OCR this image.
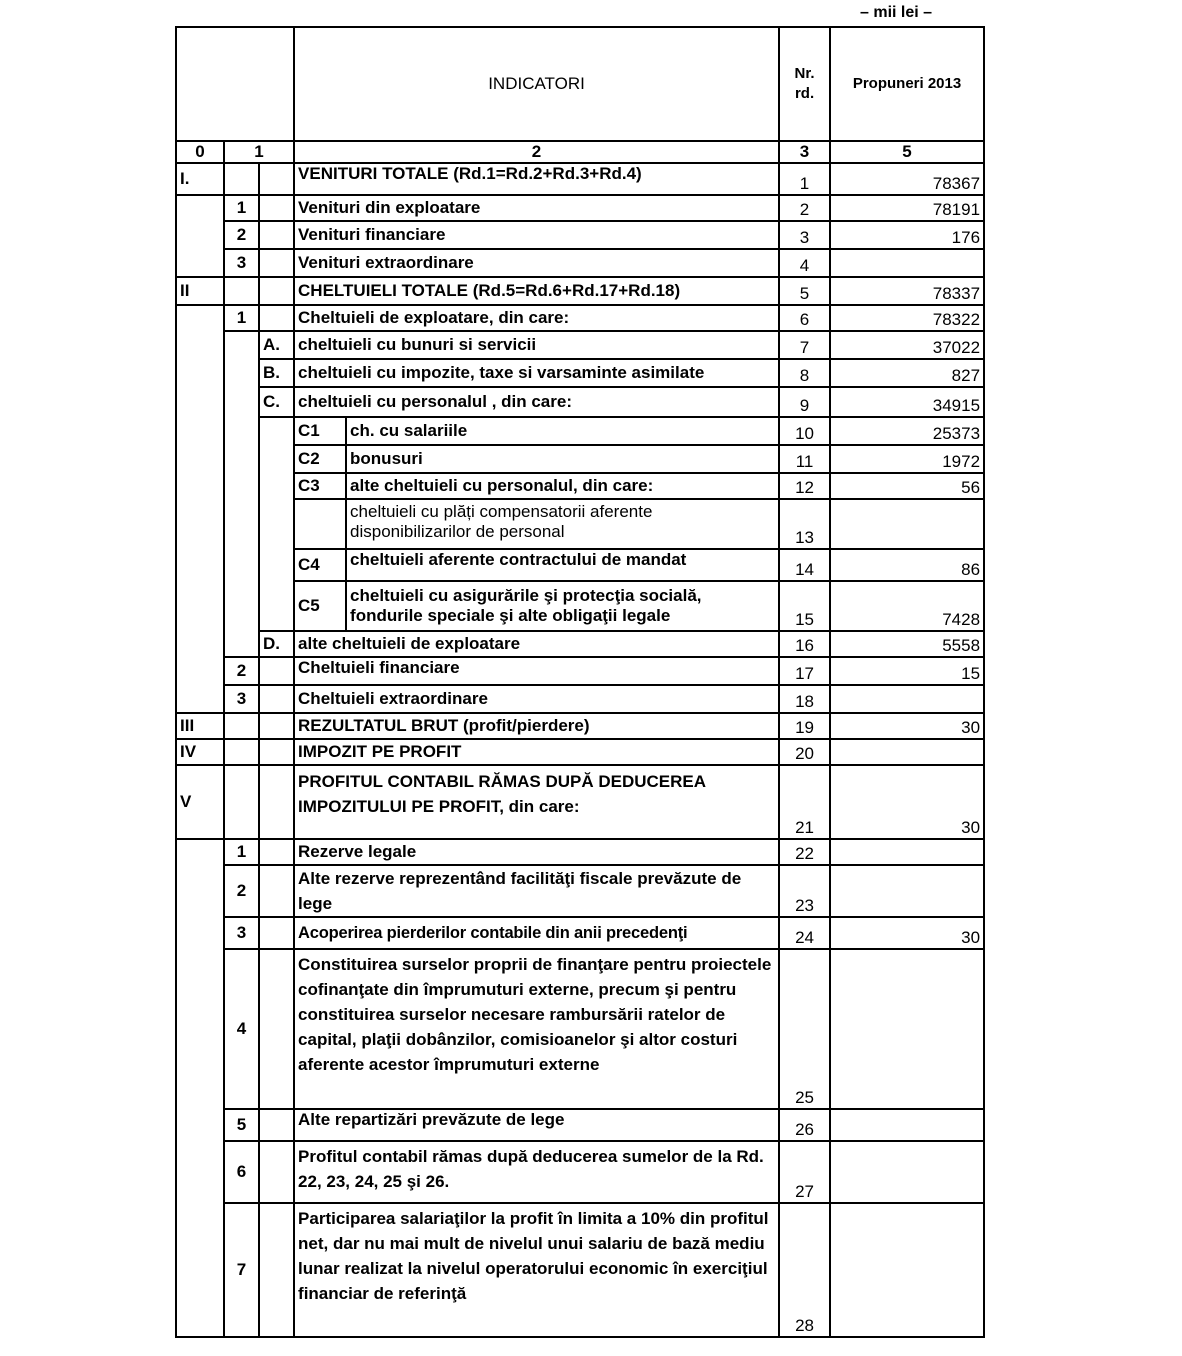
– mii lei –
			INDICATORI		Nr. rd.	Propuneri 2013
0	1		2		3	5
I.			VENITURI TOTALE (Rd.1=Rd.2+Rd.3+Rd.4)		1	78367
	1		Venituri din exploatare		2	78191
	2		Venituri financiare		3	176
	3		Venituri extraordinare		4	
II			CHELTUIELI TOTALE (Rd.5=Rd.6+Rd.17+Rd.18)		5	78337
	1		Cheltuieli de exploatare, din care:		6	78322
		A.	cheltuieli cu bunuri si servicii		7	37022
		B.	cheltuieli cu impozite, taxe si varsaminte asimilate		8	827
		C.	cheltuieli cu personalul , din care:		9	34915
			C1	ch. cu salariile	10	25373
			C2	bonusuri	11	1972
			C3	alte cheltuieli cu personalul, din care:	12	56
				cheltuieli cu plăți compensatorii aferente disponibilizarilor de personal	13	
			C4	cheltuieli aferente contractului de mandat	14	86
			C5	cheltuieli cu asigurările şi protecţia socială, fondurile speciale şi alte obligaţii legale	15	7428
		D.	alte cheltuieli de exploatare		16	5558
	2		Cheltuieli financiare		17	15
	3		Cheltuieli extraordinare		18	
III			REZULTATUL BRUT (profit/pierdere)		19	30
IV			IMPOZIT PE PROFIT		20	
V			PROFITUL CONTABIL RĂMAS DUPĂ DEDUCEREA IMPOZITULUI PE PROFIT, din care:		21	30
	1		Rezerve legale		22	
	2		Alte rezerve reprezentând facilităţi fiscale prevăzute de lege		23	
	3		Acoperirea pierderilor contabile din anii precedenţi		24	30
	4		Constituirea surselor proprii de finanţare pentru proiectele cofinanţate din împrumuturi externe, precum şi pentru constituirea surselor necesare rambursării ratelor de capital, plaţii dobânzilor, comisioanelor şi altor costuri aferente acestor împrumuturi externe		25	
	5		Alte repartizări prevăzute de lege		26	
	6		Profitul contabil rămas după deducerea sumelor de la Rd. 22, 23, 24, 25 şi 26.		27	
	7		Participarea salariaţilor la profit în limita a 10% din profitul net, dar nu mai mult de nivelul unui salariu de bază mediu lunar realizat la nivelul operatorului economic în exerciţiul financiar de referinţă		28	
